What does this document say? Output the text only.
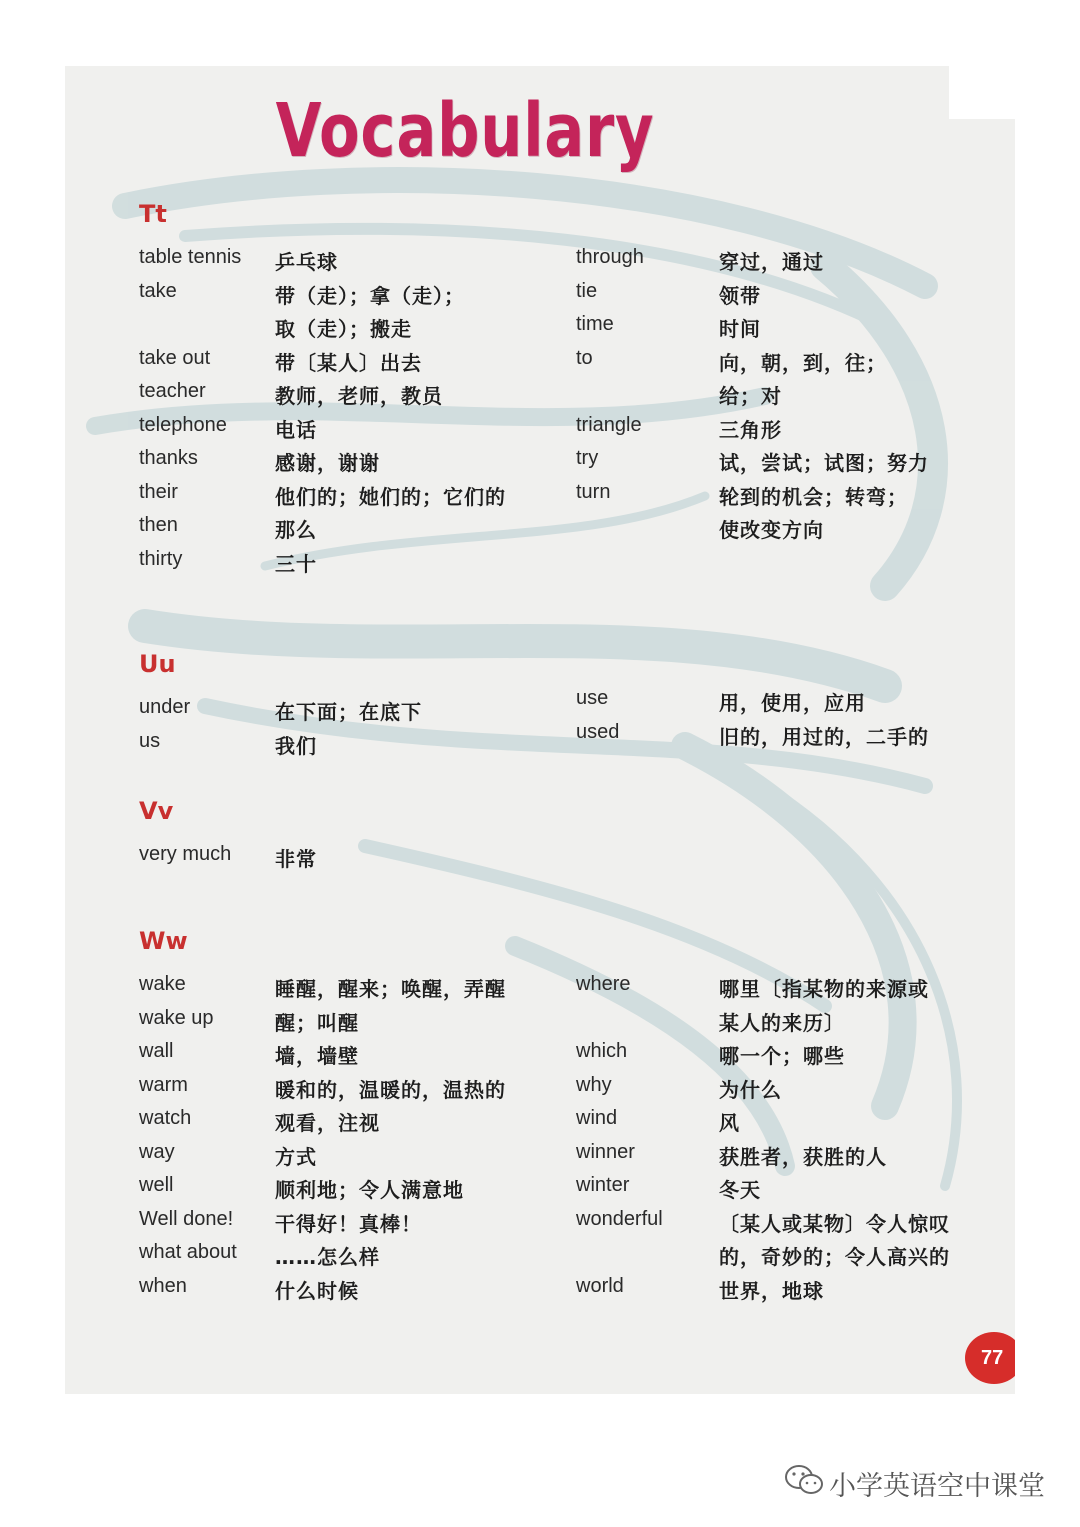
Vocabulary
Tt
Uu
Vv
Ww
table tennis 乒乓球
take	带（走）；拿（走）；
取（走）；搬走
take out	带〔某人〕出去
teacher	教师，老师，教员
telephone 电话
thanks	感谢，谢谢
their	他们的；她们的；它们的
then	那么
thirty	三十
through	穿过，通过
tie	领带
time	时间
to	向，朝，到，往；
给；对
triangle	三角形
try	试，尝试；试图；努力
turn	轮到的机会；转弯；
使改变方向
under	在下面；在底下
us	我们
use	用，使用，应用
used	旧的，用过的，二手的
very much 非常
wake	睡醒，醒来；唤醒，弄醒
wake up	醒；叫醒
wall	墙，墙壁
warm	暖和的，温暖的，温热的
watch	观看，注视
way	方式
well	顺利地；令人满意地
Well done! 干得好！真棒！
what about ……怎么样
when	什么时候
where	哪里〔指某物的来源或
某人的来历〕
which	哪一个；哪些
why	为什么
wind	风
winner	获胜者，获胜的人
winter	冬天
wonderful	〔某人或某物〕令人惊叹
的，奇妙的；令人高兴的
world	世界，地球
77
小学英语空中课堂
